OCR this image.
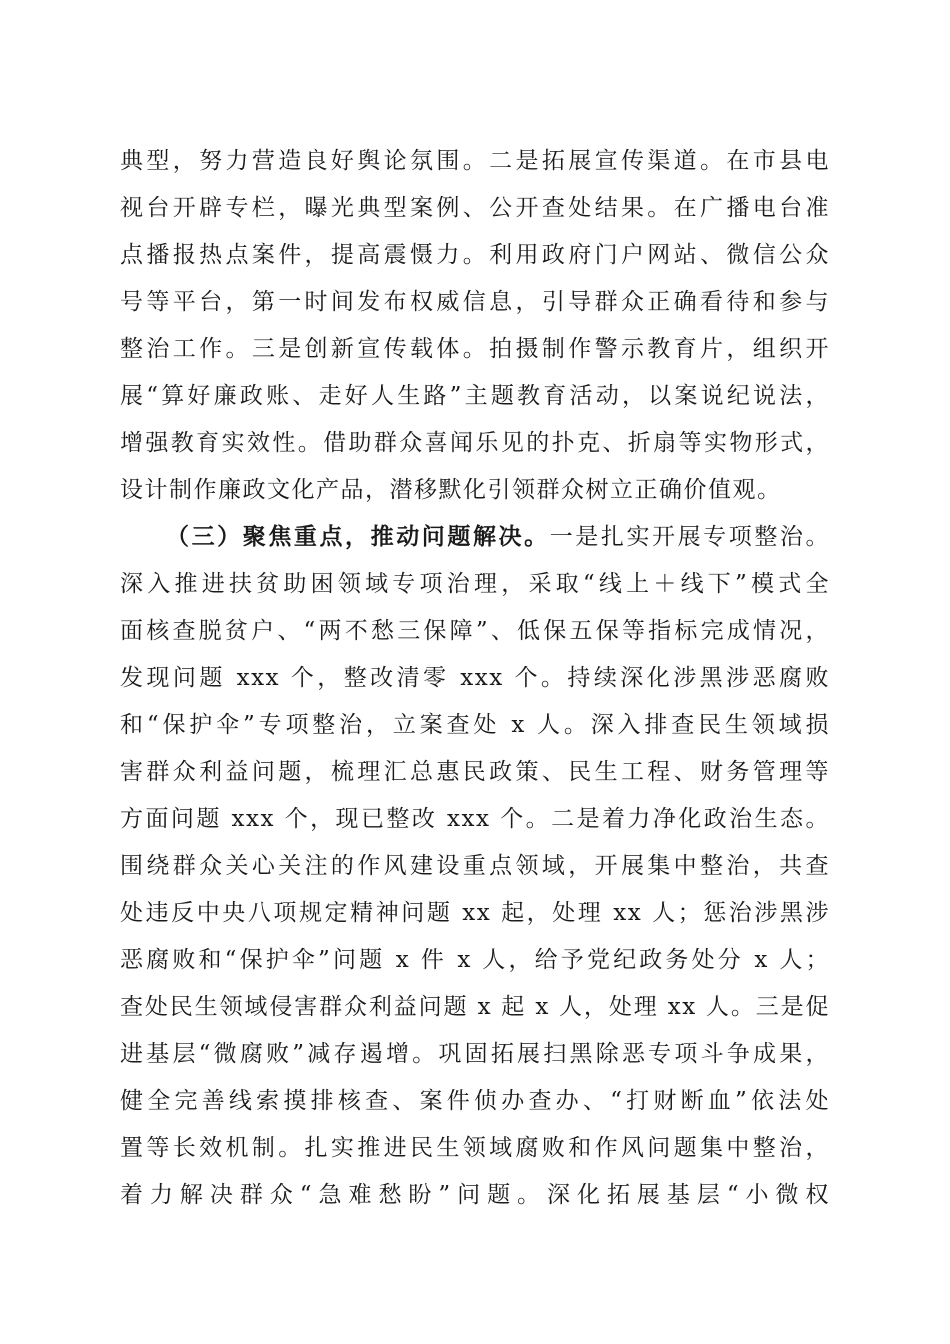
典型，努力营造良好舆论氛围。二是拓展宣传渠道。在市县电
视台开辟专栏，曝光典型案例、公开查处结果。在广播电台准
点播报热点案件，提高震慑力。利用政府门户网站、微信公众
号等平台，第一时间发布权威信息，引导群众正确看待和参与
整治工作。三是创新宣传载体。拍摄制作警示教育片，组织开
展“算好廉政账、走好人生路”主题教育活动，以案说纪说法，
增强教育实效性。借助群众喜闻乐见的扑克、折扇等实物形式，
设计制作廉政文化产品，潜移默化引领群众树立正确价值观。
（三）聚焦重点，推动问题解决。一是扎实开展专项整治。
深入推进扶贫助困领域专项治理，采取“线上＋线下”模式全
面核查脱贫户、“两不愁三保障”、低保五保等指标完成情况，
发现问题 xxx 个，整改清零 xxx 个。持续深化涉黑涉恶腐败
和“保护伞”专项整治，立案查处 x 人。深入排查民生领域损
害群众利益问题，梳理汇总惠民政策、民生工程、财务管理等
方面问题 xxx 个，现已整改 xxx 个。二是着力净化政治生态。
围绕群众关心关注的作风建设重点领域，开展集中整治，共查
处违反中央八项规定精神问题 xx 起，处理 xx 人；惩治涉黑涉
恶腐败和“保护伞”问题 x 件 x 人，给予党纪政务处分 x 人；
查处民生领域侵害群众利益问题 x 起 x 人，处理 xx 人。三是促
进基层“微腐败”减存遏增。巩固拓展扫黑除恶专项斗争成果，
健全完善线索摸排核查、案件侦办查办、“打财断血”依法处
置等长效机制。扎实推进民生领域腐败和作风问题集中整治，
着力解决群众“急难愁盼”问题。深化拓展基层“小微权
